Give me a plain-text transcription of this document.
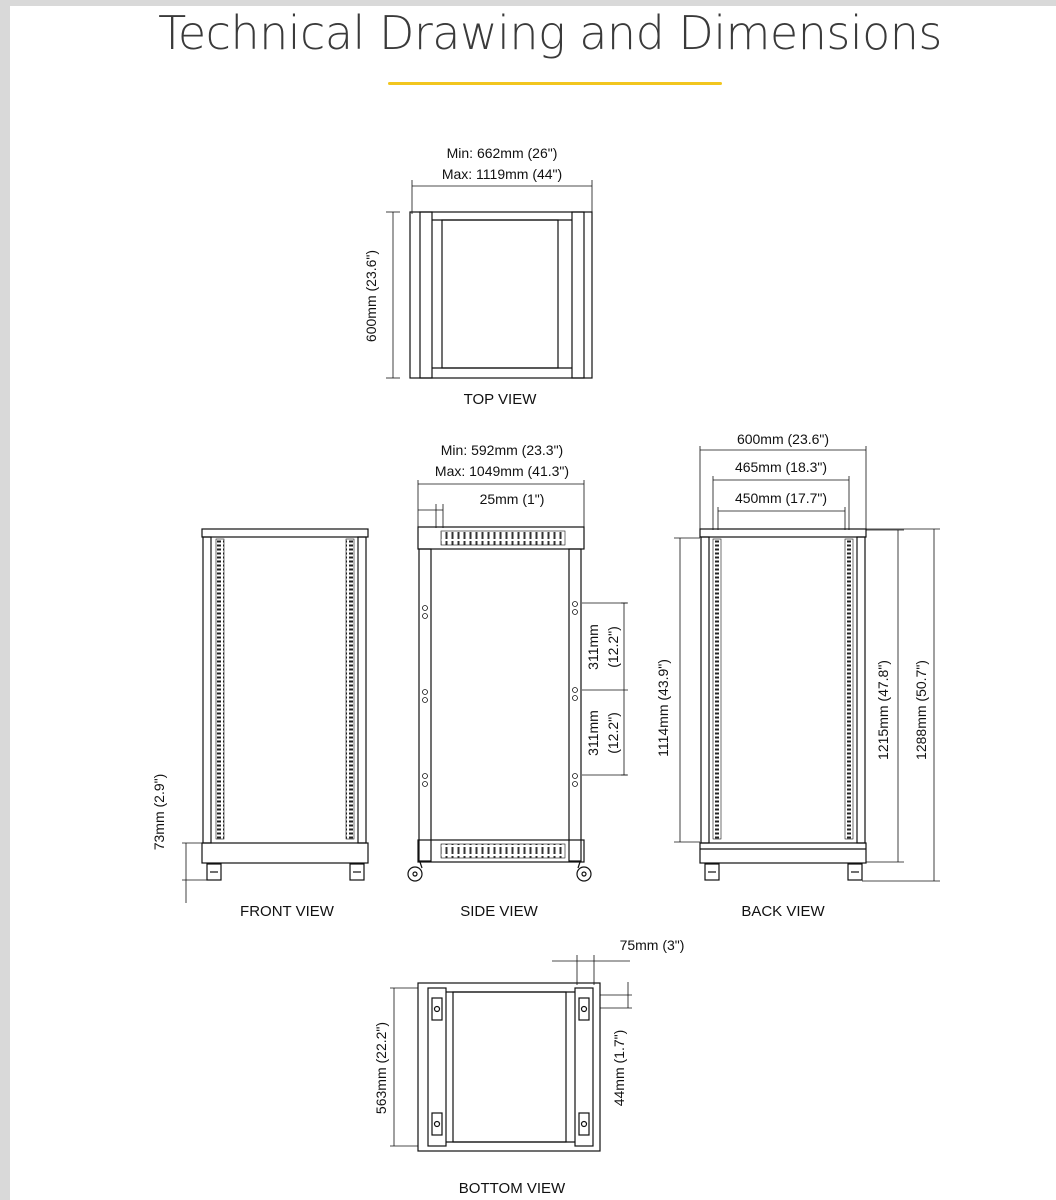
Technical Drawing and Dimensions
Min: 662mm (26")
Max: 1119mm (44")
600mm (23.6")
TOP VIEW
73mm (2.9")
FRONT VIEW
Min: 592mm (23.3")
Max: 1049mm (41.3")
25mm (1")
311mm (12.2")
311mm (12.2")
SIDE VIEW
600mm (23.6")
465mm (18.3")
450mm (17.7")
1114mm (43.9")	1215mm (47.8") 1288mm (50.7")
BACK VIEW
75mm (3")
563mm (22.2")	44mm (1.7")
BOTTOM VIEW
